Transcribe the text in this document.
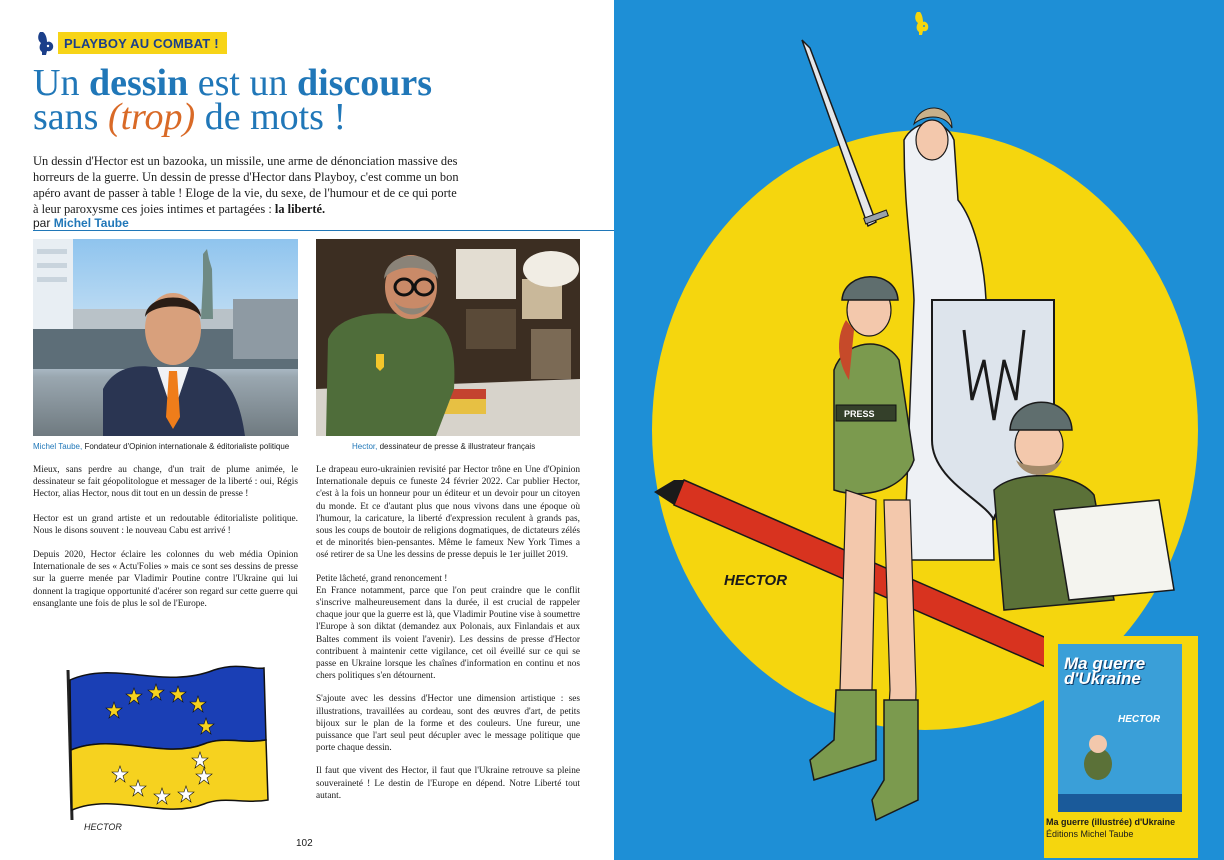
PLAYBOY AU COMBAT !
Un dessin est un discours
sans (trop) de mots !

Un dessin d'Hector est un bazooka, un missile, une arme de dénonciation massive des horreurs de la guerre. Un dessin de presse d'Hector dans Playboy, c'est comme un bon apéro avant de passer à table ! Eloge de la vie, du sexe, de l'humour et de ce qui porte à leur paroxysme ces joies intimes et partagées : la liberté.

par Michel Taube
Michel Taube, Fondateur d'Opinion internationale & éditorialiste politique	Hector, dessinateur de presse & illustrateur français

Mieux, sans perdre au change, d'un trait de plume animée, le dessinateur se fait géopolitologue et messager de la liberté : oui, Régis Hector, alias Hector, nous dit tout en un dessin de presse !

Hector est un grand artiste et un redoutable éditorialiste politique. Nous le disons souvent : le nouveau Cabu est arrivé !

Depuis 2020, Hector éclaire les colonnes du web média Opinion Internationale de ses « Actu'Folies » mais ce sont ses dessins de presse sur la guerre menée par Vladimir Poutine contre l'Ukraine qui lui donnent la tragique opportunité d'acérer son regard sur cette guerre qui ensanglante une fois de plus le sol de l'Europe.

Le drapeau euro-ukrainien revisité par Hector trône en Une d'Opinion Internationale depuis ce funeste 24 février 2022. Car publier Hector, c'est à la fois un honneur pour un éditeur et un devoir pour un citoyen du monde. Et ce d'autant plus que nous vivons dans une époque où l'humour, la caricature, la liberté d'expression reculent à grands pas, sous les coups de boutoir de religions dogmatiques, de dictateurs zélés et de minorités bien-pensantes. Même le fameux New York Times a osé retirer de sa Une les dessins de presse depuis le 1er juillet 2019.

Petite lâcheté, grand renoncement !
En France notamment, parce que l'on peut craindre que le conflit s'inscrive malheureusement dans la durée, il est crucial de rappeler chaque jour que la guerre est là, que Vladimir Poutine vise à soumettre l'Europe à son diktat (demandez aux Polonais, aux Finlandais et aux Baltes comment ils voient l'avenir). Les dessins de presse d'Hector contribuent à maintenir cette vigilance, cet oil éveillé sur ce qui se passe en Ukraine lorsque les chaînes d'information en continu et nos chers politiques s'en détournent.

S'ajoute avec les dessins d'Hector une dimension artistique : ses illustrations, travaillées au cordeau, sont des œuvres d'art, de petits bijoux sur le plan de la forme et des couleurs. Une fureur, une puissance que l'art seul peut décupler avec le message politique que porte chaque dessin.

Il faut que vivent des Hector, il faut que l'Ukraine retrouve sa pleine souveraineté ! Le destin de l'Europe en dépend. Notre Liberté tout autant.

HECTOR
102
PRESS
HECTOR
Ma guerre d'Ukraine
HECTOR
Ma guerre (illustrée) d'Ukraine
Éditions Michel Taube
